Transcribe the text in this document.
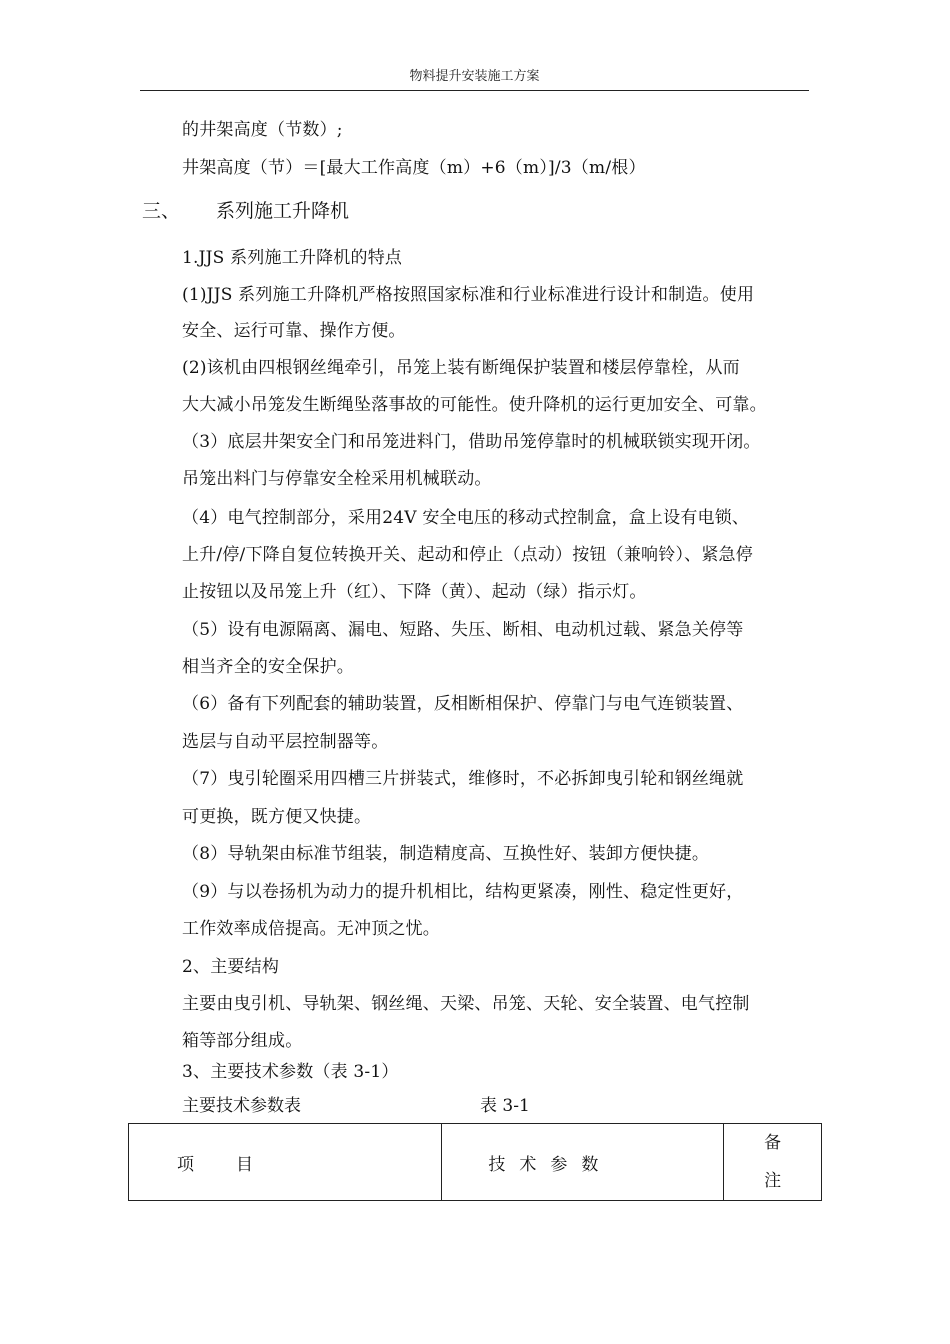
物料提升安装施工方案
的井架高度（节数）;
井架高度（节）＝[最大工作高度（m）+6（m）]/3（m/根）
三、 系列施工升降机
1.JJS 系列施工升降机的特点
(1)JJS 系列施工升降机严格按照国家标准和行业标准进行设计和制造。使用
安全、运行可靠、操作方便。
(2)该机由四根钢丝绳牵引，吊笼上装有断绳保护装置和楼层停靠栓，从而
大大减小吊笼发生断绳坠落事故的可能性。使升降机的运行更加安全、可靠。
（3）底层井架安全门和吊笼进料门，借助吊笼停靠时的机械联锁实现开闭。
吊笼出料门与停靠安全栓采用机械联动。
（4）电气控制部分，采用24V 安全电压的移动式控制盒，盒上设有电锁、
上升/停/下降自复位转换开关、起动和停止（点动）按钮（兼响铃）、紧急停
止按钮以及吊笼上升（红）、下降（黄）、起动（绿）指示灯。
（5）设有电源隔离、漏电、短路、失压、断相、电动机过载、紧急关停等
相当齐全的安全保护。
（6）备有下列配套的辅助装置，反相断相保护、停靠门与电气连锁装置、
选层与自动平层控制器等。
（7）曳引轮圈采用四槽三片拼装式，维修时，不必拆卸曳引轮和钢丝绳就
可更换，既方便又快捷。
（8）导轨架由标准节组装，制造精度高、互换性好、装卸方便快捷。
（9）与以卷扬机为动力的提升机相比，结构更紧凑，刚性、稳定性更好，
工作效率成倍提高。无冲顶之忧。
2、主要结构
主要由曳引机、导轨架、钢丝绳、天梁、吊笼、天轮、安全装置、电气控制
箱等部分组成。
3、主要技术参数（表 3-1）
主要技术参数表	表 3-1
项目	技术参数	备注
